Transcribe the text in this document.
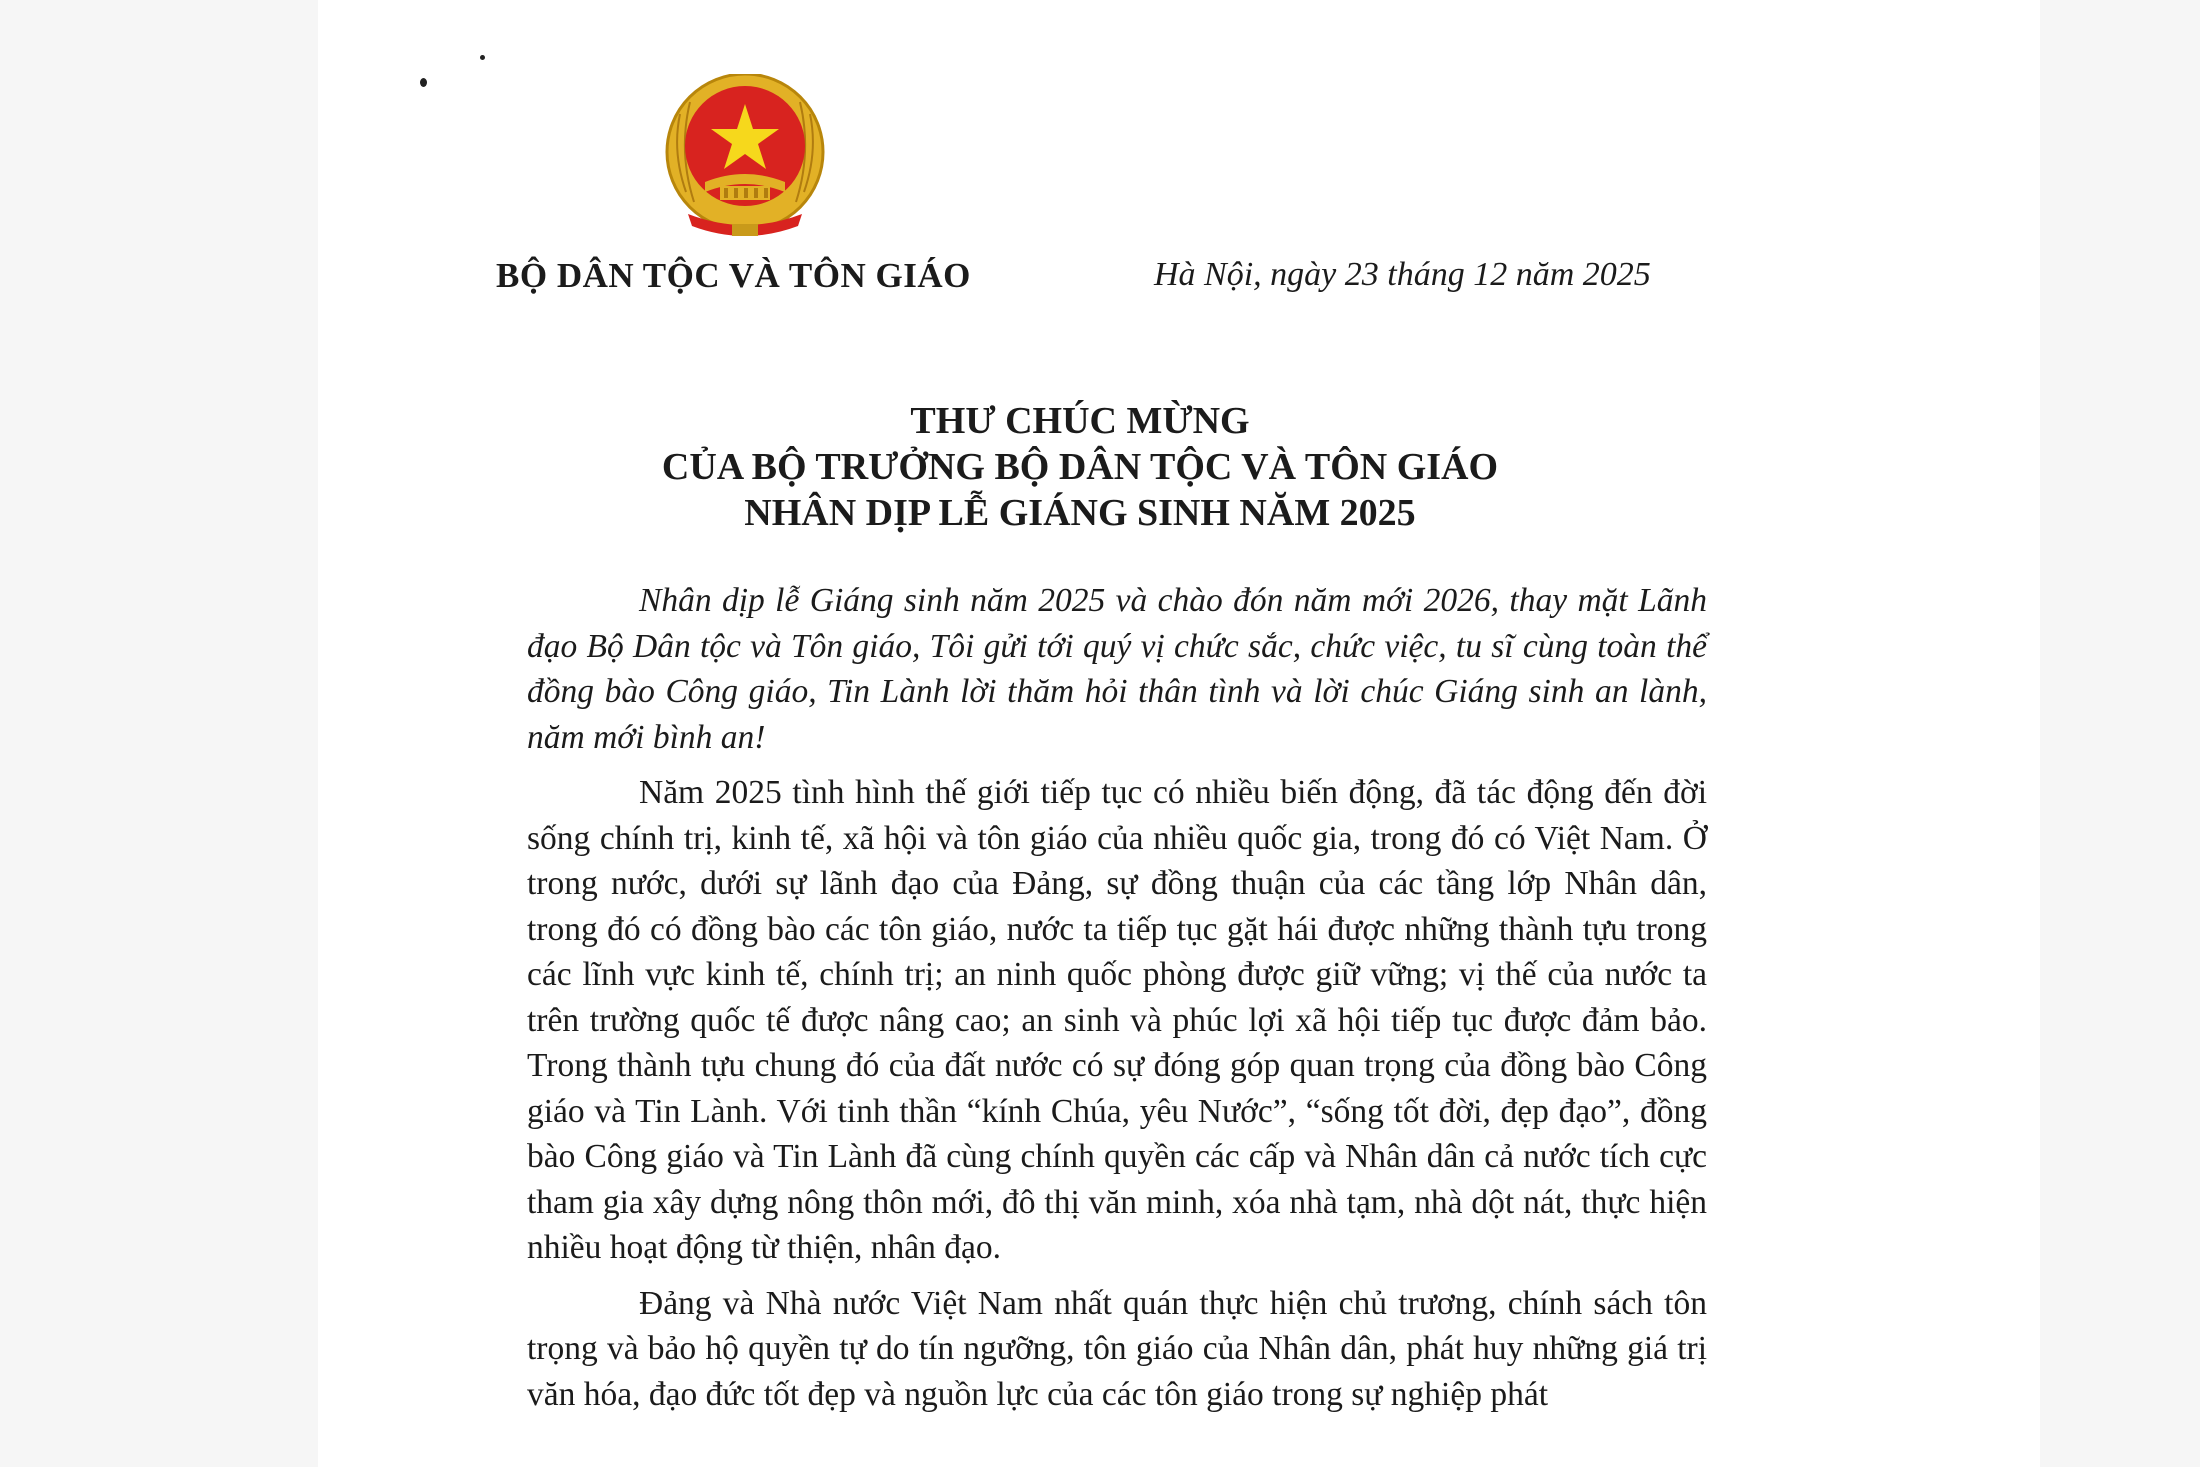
BỘ DÂN TỘC VÀ TÔN GIÁO	Hà Nội, ngày 23 tháng 12 năm 2025
THƯ CHÚC MỪNG
CỦA BỘ TRƯỞNG BỘ DÂN TỘC VÀ TÔN GIÁO
NHÂN DỊP LỄ GIÁNG SINH NĂM 2025

Nhân dịp lễ Giáng sinh năm 2025 và chào đón năm mới 2026, thay mặt Lãnh đạo Bộ Dân tộc và Tôn giáo, Tôi gửi tới quý vị chức sắc, chức việc, tu sĩ cùng toàn thể đồng bào Công giáo, Tin Lành lời thăm hỏi thân tình và lời chúc Giáng sinh an lành, năm mới bình an!

Năm 2025 tình hình thế giới tiếp tục có nhiều biến động, đã tác động đến đời sống chính trị, kinh tế, xã hội và tôn giáo của nhiều quốc gia, trong đó có Việt Nam. Ở trong nước, dưới sự lãnh đạo của Đảng, sự đồng thuận của các tầng lớp Nhân dân, trong đó có đồng bào các tôn giáo, nước ta tiếp tục gặt hái được những thành tựu trong các lĩnh vực kinh tế, chính trị; an ninh quốc phòng được giữ vững; vị thế của nước ta trên trường quốc tế được nâng cao; an sinh và phúc lợi xã hội tiếp tục được đảm bảo. Trong thành tựu chung đó của đất nước có sự đóng góp quan trọng của đồng bào Công giáo và Tin Lành. Với tinh thần “kính Chúa, yêu Nước”, “sống tốt đời, đẹp đạo”, đồng bào Công giáo và Tin Lành đã cùng chính quyền các cấp và Nhân dân cả nước tích cực tham gia xây dựng nông thôn mới, đô thị văn minh, xóa nhà tạm, nhà dột nát, thực hiện nhiều hoạt động từ thiện, nhân đạo.

Đảng và Nhà nước Việt Nam nhất quán thực hiện chủ trương, chính sách tôn trọng và bảo hộ quyền tự do tín ngưỡng, tôn giáo của Nhân dân, phát huy những giá trị văn hóa, đạo đức tốt đẹp và nguồn lực của các tôn giáo trong sự nghiệp phát
